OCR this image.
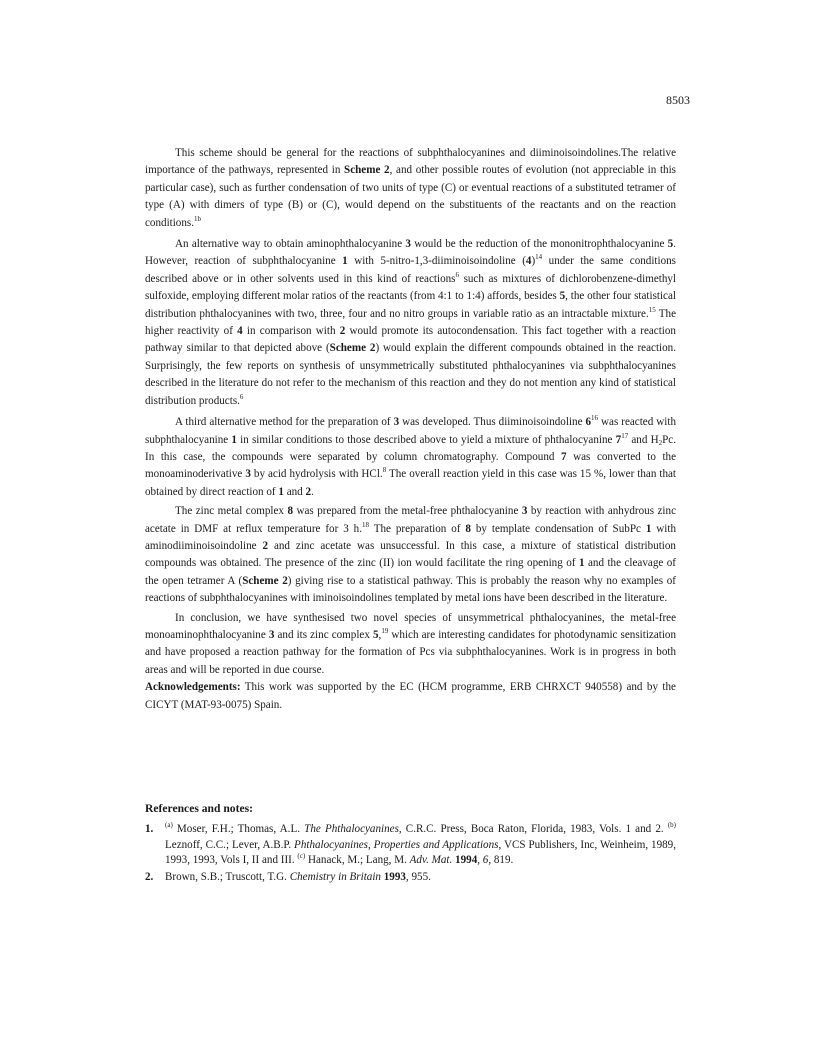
8503

This scheme should be general for the reactions of subphthalocyanines and diiminoisoindolines.The relative importance of the pathways, represented in Scheme 2, and other possible routes of evolution (not appreciable in this particular case), such as further condensation of two units of type (C) or eventual reactions of a substituted tetramer of type (A) with dimers of type (B) or (C), would depend on the substituents of the reactants and on the reaction conditions.$^{1b}$

An alternative way to obtain aminophthalocyanine 3 would be the reduction of the mononitrophthalocyanine 5. However, reaction of subphthalocyanine 1 with 5-nitro-1,3-diiminoisoindoline $(4)^{14}$ under the same conditions described above or in other solvents used in this kind of reactions$^6$ such as mixtures of dichlorobenzene-dimethyl sulfoxide, employing different molar ratios of the reactants (from 4:1 to 1:4) affords, besides 5, the other four statistical distribution phthalocyanines with two, three, four and no nitro groups in variable ratio as an intractable mixture.$^{15}$ The higher reactivity of 4 in comparison with 2 would promote its autocondensation. This fact together with a reaction pathway similar to that depicted above (Scheme 2) would explain the different compounds obtained in the reaction. Surprisingly, the few reports on synthesis of unsymmetrically substituted phthalocyanines via subphthalocyanines described in the literature do not refer to the mechanism of this reaction and they do not mention any kind of statistical distribution products.$^6$

A third alternative method for the preparation of 3 was developed. Thus diiminoisoindoline $6^{16}$ was reacted with subphthalocyanine 1 in similar conditions to those described above to yield a mixture of phthalocyanine $7^{17}$ and $H_2Pc$. In this case, the compounds were separated by column chromatography. Compound 7 was converted to the monoaminoderivative 3 by acid hydrolysis with HCl.$^8$ The overall reaction yield in this case was 15 %, lower than that obtained by direct reaction of 1 and 2.

The zinc metal complex 8 was prepared from the metal-free phthalocyanine 3 by reaction with anhydrous zinc acetate in DMF at reflux temperature for 3 h.$^{18}$ The preparation of 8 by template condensation of SubPc 1 with aminodiiminoisoindoline 2 and zinc acetate was unsuccessful. In this case, a mixture of statistical distribution compounds was obtained. The presence of the zinc (II) ion would facilitate the ring opening of 1 and the cleavage of the open tetramer A (Scheme 2) giving rise to a statistical pathway. This is probably the reason why no examples of reactions of subphthalocyanines with iminoisoindolines templated by metal ions have been described in the literature.

In conclusion, we have synthesised two novel species of unsymmetrical phthalocyanines, the metal-free monoaminophthalocyanine 3 and its zinc complex 5,19 which are interesting candidates for photodynamic sensitization and have proposed a reaction pathway for the formation of Pcs via subphthalocyanines. Work is in progress in both areas and will be reported in due course.

Acknowledgements: This work was supported by the EC (HCM programme, ERB CHRXCT 940558) and by the CICYT (MAT-93-0075) Spain.

References and notes:
1. $^{(a)}$ Moser, F.H.; Thomas, A.L. The Phthalocyanines, C.R.C. Press, Boca Raton, Florida, 1983, Vols. 1 and 2. $^{(b)}$ Leznoff, C.C.; Lever, A.B.P. Phthalocyanines, Properties and Applications, VCS Publishers, Inc, Weinheim, 1989, 1993, 1993, Vols I, II and III. $^{(c)}$ Hanack, M.; Lang, M. Adv. Mat. 1994, 6, 819.
2. Brown, S.B.; Truscott, T.G. Chemistry in Britain 1993, 955.
